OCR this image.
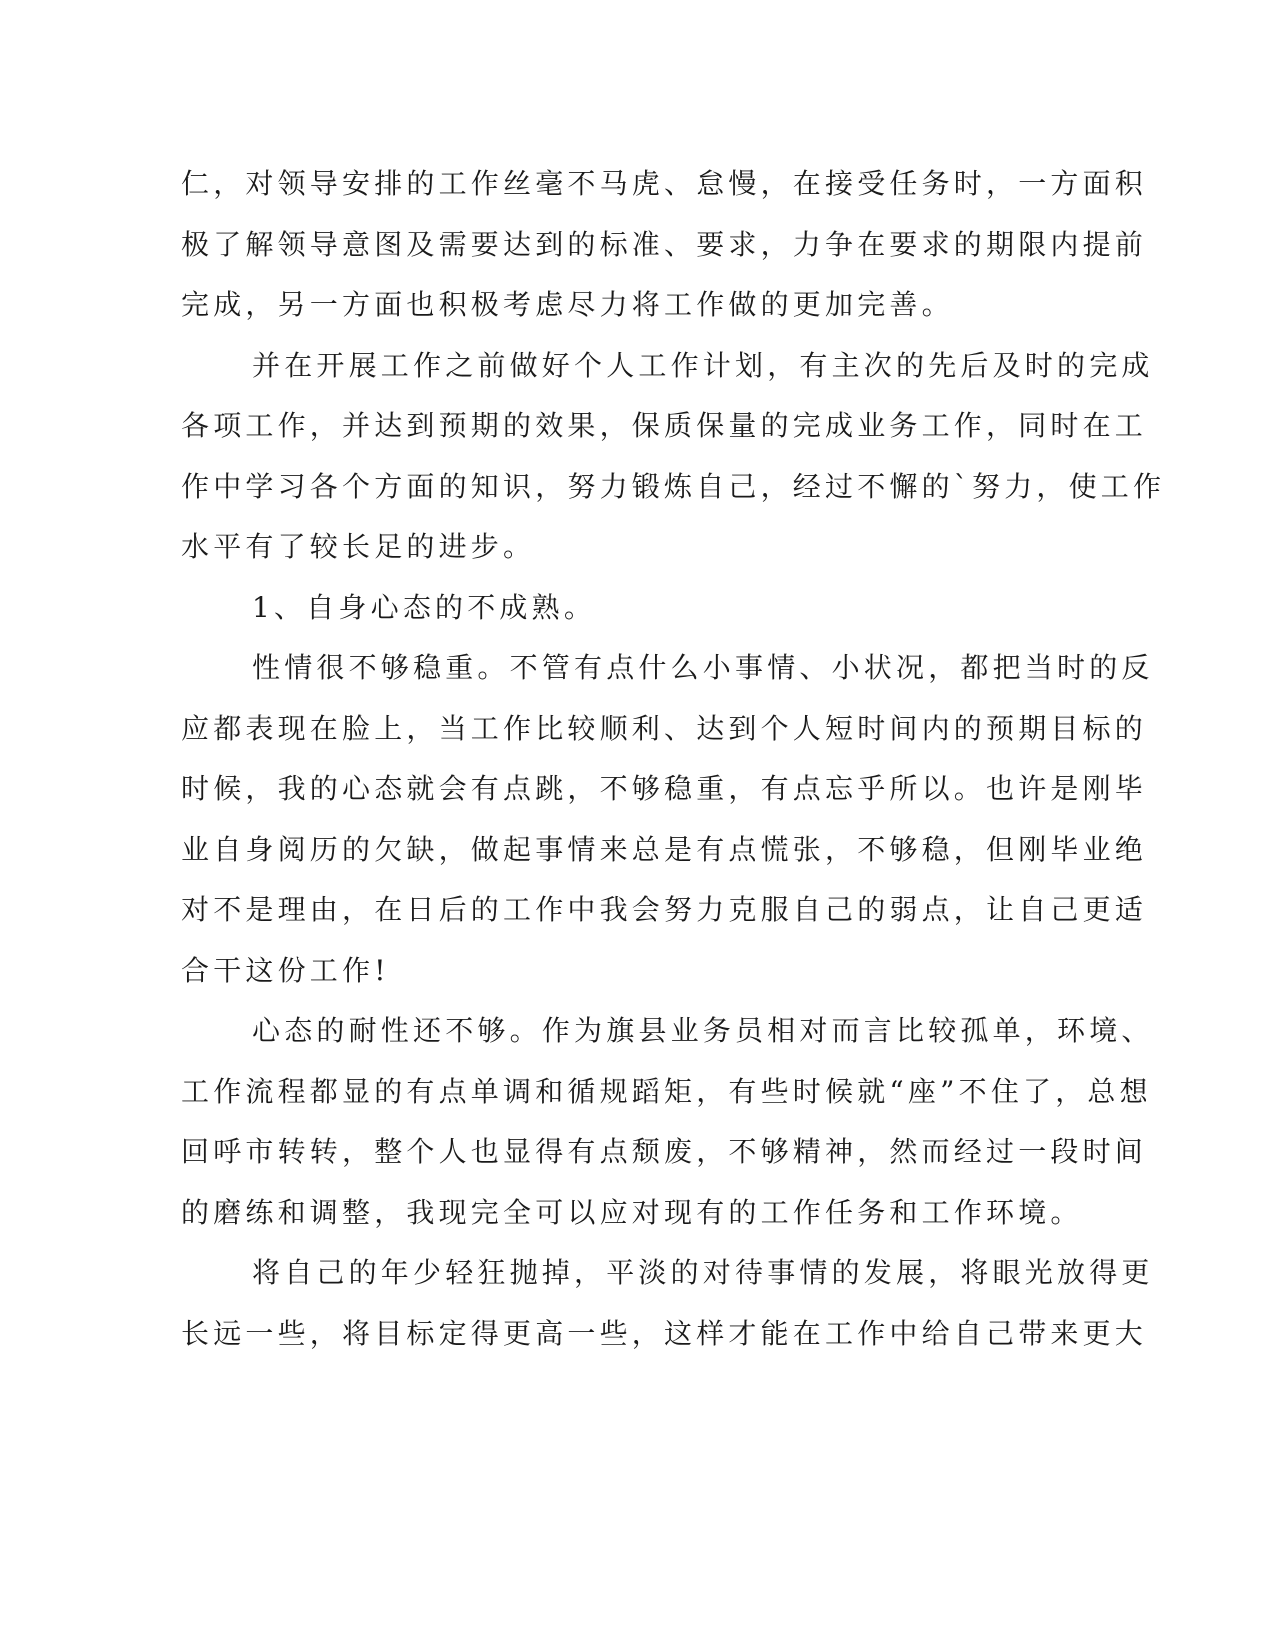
仁，对领导安排的工作丝毫不马虎、怠慢，在接受任务时，一方面积
极了解领导意图及需要达到的标准、要求，力争在要求的期限内提前
完成，另一方面也积极考虑尽力将工作做的更加完善。
并在开展工作之前做好个人工作计划，有主次的先后及时的完成
各项工作，并达到预期的效果，保质保量的完成业务工作，同时在工
作中学习各个方面的知识，努力锻炼自己，经过不懈的`努力，使工作
水平有了较长足的进步。
1、自身心态的不成熟。
性情很不够稳重。不管有点什么小事情、小状况，都把当时的反
应都表现在脸上，当工作比较顺利、达到个人短时间内的预期目标的
时候，我的心态就会有点跳，不够稳重，有点忘乎所以。也许是刚毕
业自身阅历的欠缺，做起事情来总是有点慌张，不够稳，但刚毕业绝
对不是理由，在日后的工作中我会努力克服自己的弱点，让自己更适
合干这份工作!
心态的耐性还不够。作为旗县业务员相对而言比较孤单，环境、
工作流程都显的有点单调和循规蹈矩，有些时候就“座”不住了，总想
回呼市转转，整个人也显得有点颓废，不够精神，然而经过一段时间
的磨练和调整，我现完全可以应对现有的工作任务和工作环境。
将自己的年少轻狂抛掉，平淡的对待事情的发展，将眼光放得更
长远一些，将目标定得更高一些，这样才能在工作中给自己带来更大
